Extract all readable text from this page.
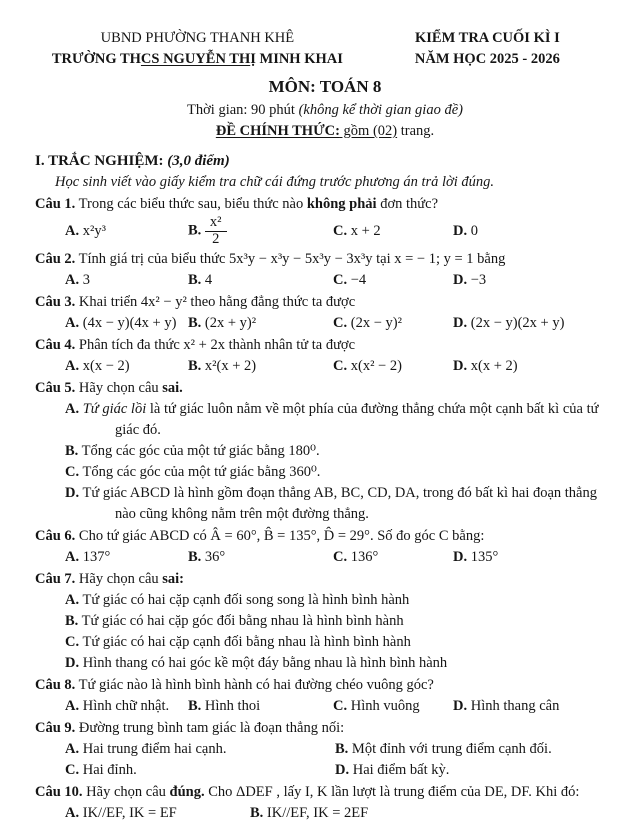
UBND PHƯỜNG THANH KHÊ
TRƯỜNG THCS NGUYỄN THỊ MINH KHAI
KIỂM TRA CUỐI KÌ I
NĂM HỌC 2025 - 2026
MÔN: TOÁN 8
Thời gian: 90 phút (không kể thời gian giao đề)
ĐỀ CHÍNH THỨC: gồm (02) trang.
I. TRẮC NGHIỆM: (3,0 điểm)
Học sinh viết vào giấy kiểm tra chữ cái đứng trước phương án trả lời đúng.
Câu 1. Trong các biểu thức sau, biểu thức nào không phải đơn thức?
A. x²y³	B. $\frac{\text{x²}}{2}$	C. x + 2	D. 0
Câu 2. Tính giá trị của biểu thức 5x³y − x³y − 5x³y − 3x³y tại x = − 1; y = 1 bằng
A. 3	B. 4	C. −4	D. −3
Câu 3. Khai triển 4x² − y² theo hằng đẳng thức ta được
A. (4x − y)(4x + y) B. (2x + y)²	C. (2x − y)²	D. (2x − y)(2x + y)
Câu 4. Phân tích đa thức x² + 2x thành nhân tử ta được
A. x(x − 2)	B. x²(x + 2)	C. x(x² − 2)	D. x(x + 2)
Câu 5. Hãy chọn câu sai.
A. Tứ giác lồi là tứ giác luôn nằm về một phía của đường thẳng chứa một cạnh bất kì của tứ giác đó.
B. Tổng các góc của một tứ giác bằng 180⁰.
C. Tổng các góc của một tứ giác bằng 360⁰.
D. Tứ giác ABCD là hình gồm đoạn thẳng AB, BC, CD, DA, trong đó bất kì hai đoạn thẳng nào cũng không nằm trên một đường thẳng.
Câu 6. Cho tứ giác ABCD có Â = 60°, B̂ = 135°, D̂ = 29°. Số đo góc C bằng:
A. 137°	B. 36°	C. 136°	D. 135°
Câu 7. Hãy chọn câu sai:
A. Tứ giác có hai cặp cạnh đối song song là hình bình hành
B. Tứ giác có hai cặp góc đối bằng nhau là hình bình hành
C. Tứ giác có hai cặp cạnh đối bằng nhau là hình bình hành
D. Hình thang có hai góc kề một đáy bằng nhau là hình bình hành
Câu 8. Tứ giác nào là hình bình hành có hai đường chéo vuông góc?
A. Hình chữ nhật.	B. Hình thoi	C. Hình vuông	D. Hình thang cân
Câu 9. Đường trung bình tam giác là đoạn thẳng nối:
A. Hai trung điểm hai cạnh.	B. Một đỉnh với trung điểm cạnh đối.
C. Hai đỉnh.	D. Hai điểm bất kỳ.
Câu 10. Hãy chọn câu đúng. Cho ΔDEF , lấy I, K lần lượt là trung điểm của DE, DF. Khi đó:
A. IK//EF, IK = EF	B. IK//EF, IK = 2EF
